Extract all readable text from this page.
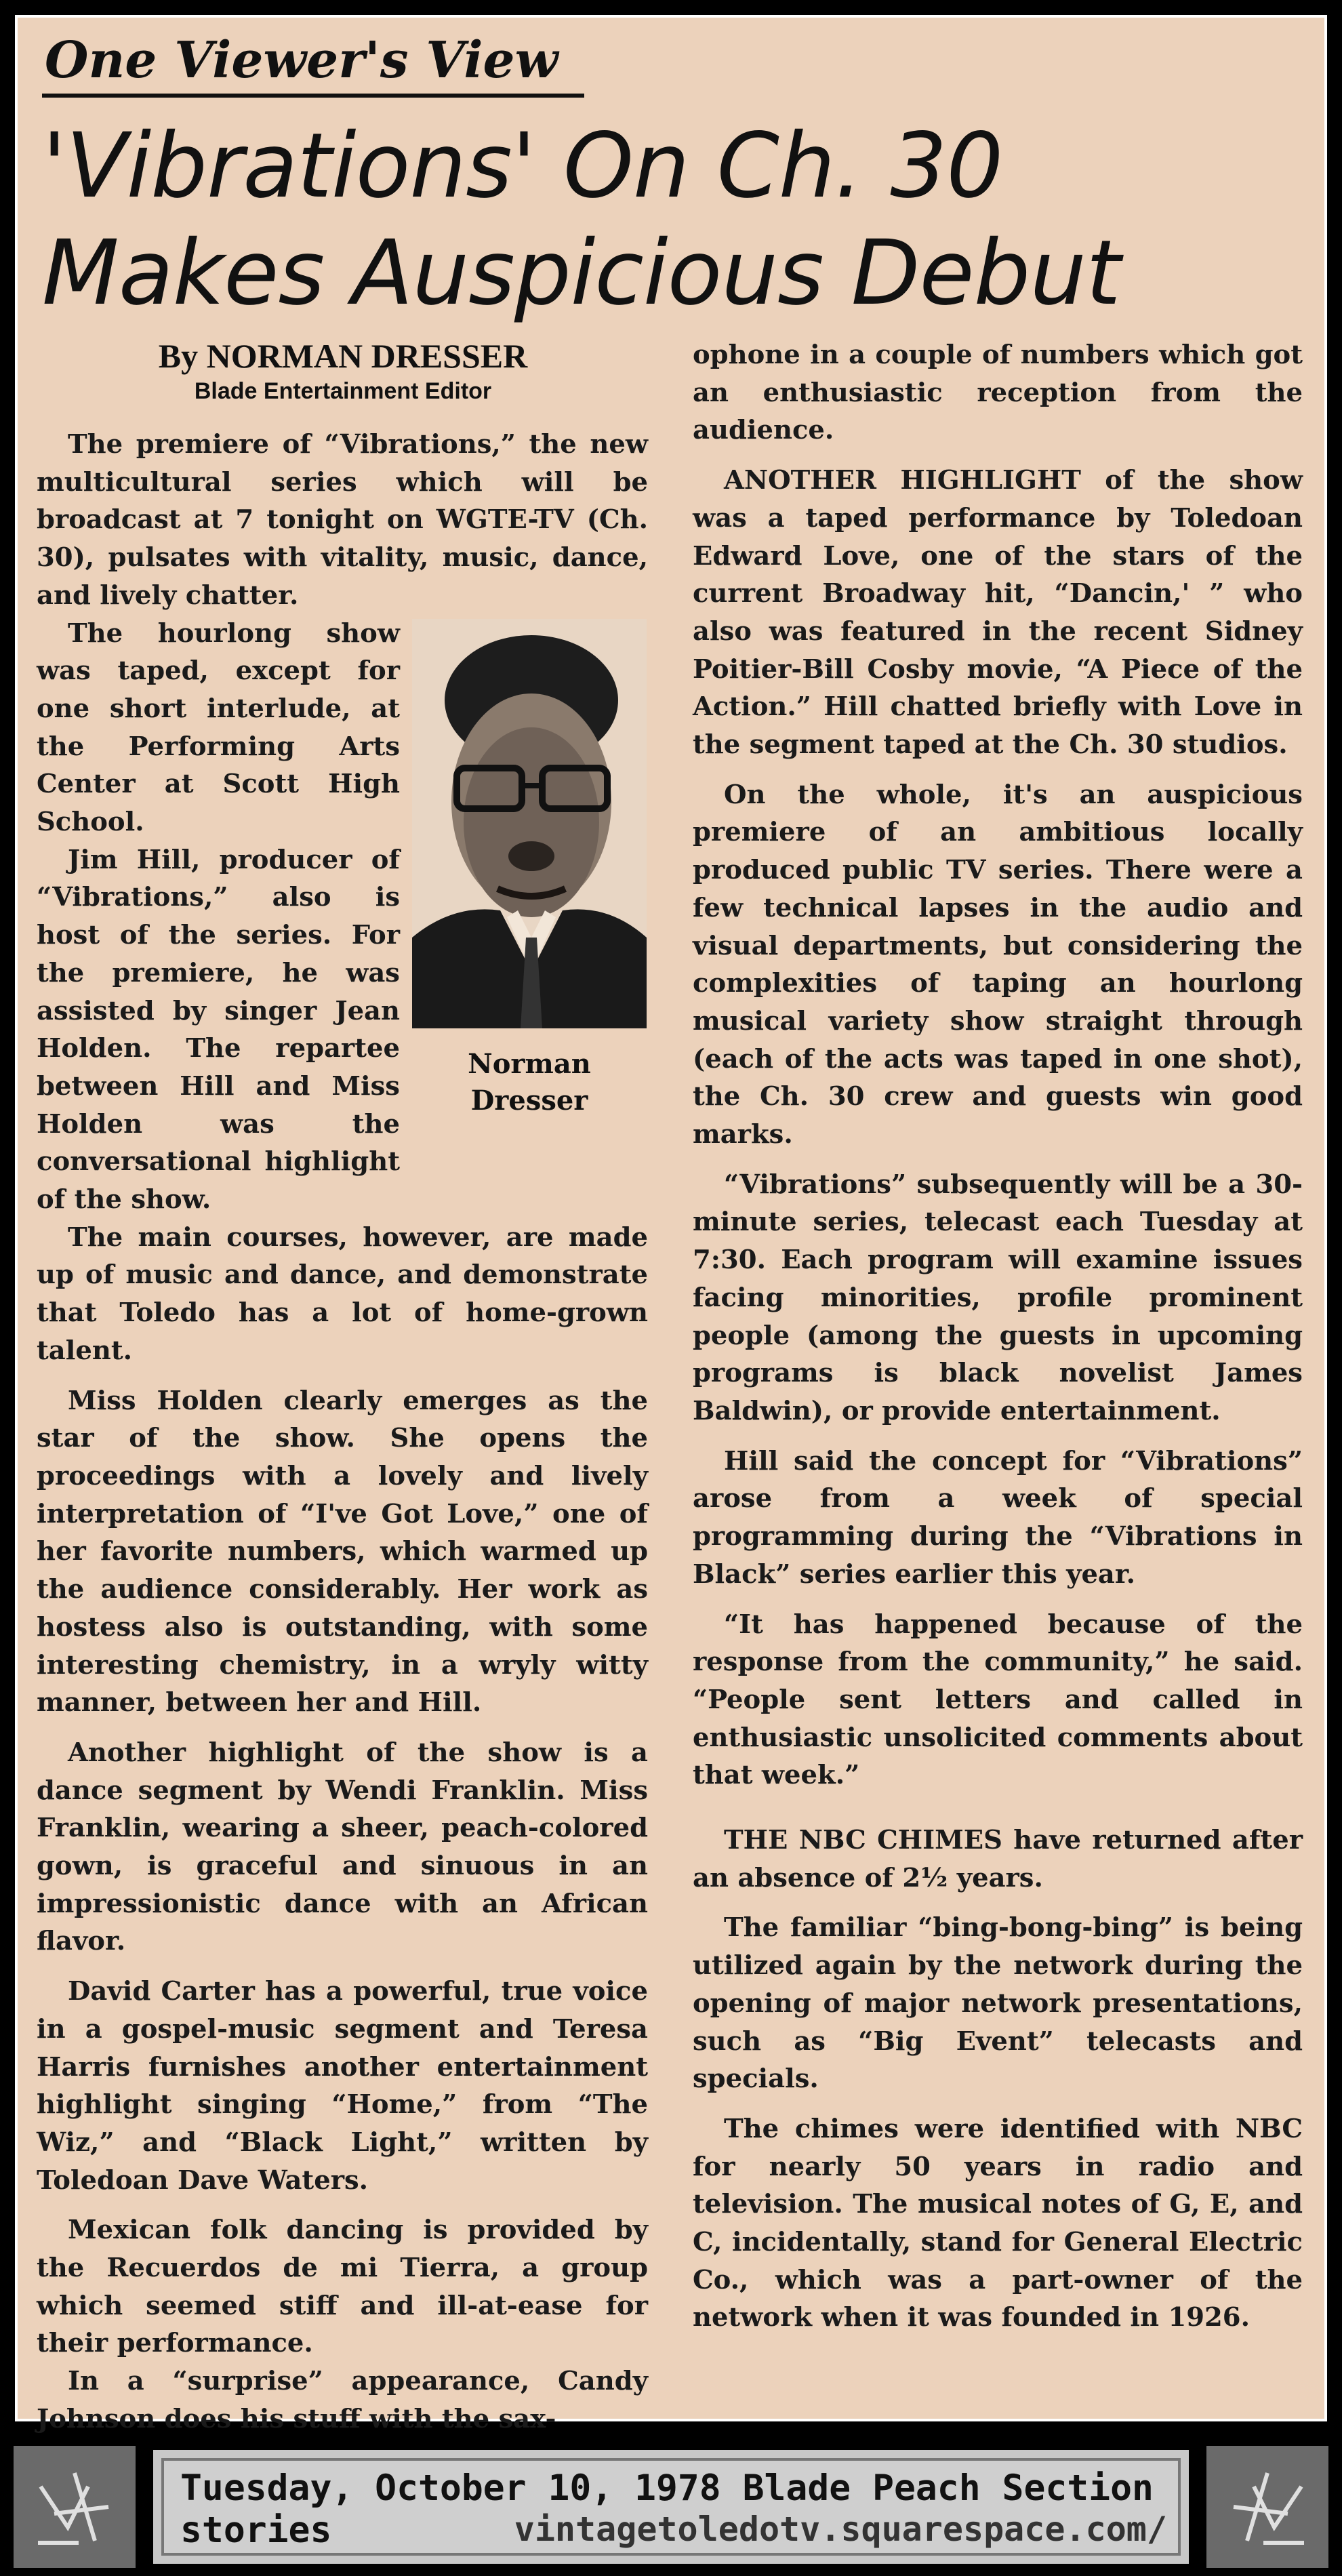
One Viewer's View
'Vibrations' On Ch. 30
Makes Auspicious Debut
By NORMAN DRESSER
Blade Entertainment Editor

The premiere of “Vibrations,” the new multicultural series which will be broadcast at 7 tonight on WGTE-TV (Ch. 30), pulsates with vitality, music, dance, and lively chatter.

Norman
Dresser

The hourlong show was taped, except for one short interlude, at the Performing Arts Center at Scott High School.

Jim Hill, producer of “Vibrations,” also is host of the series. For the premiere, he was assisted by singer Jean Holden. The repartee between Hill and Miss Holden was the conversational highlight of the show.

The main courses, however, are made up of music and dance, and demonstrate that Toledo has a lot of home-grown talent.

Miss Holden clearly emerges as the star of the show. She opens the proceedings with a lovely and lively interpretation of “I've Got Love,” one of her favorite numbers, which warmed up the audience considerably. Her work as hostess also is outstanding, with some interesting chemistry, in a wryly witty manner, between her and Hill.

Another highlight of the show is a dance segment by Wendi Franklin. Miss Franklin, wearing a sheer, peach-colored gown, is graceful and sinuous in an impressionistic dance with an African flavor.

David Carter has a powerful, true voice in a gospel-music segment and Teresa Harris furnishes another entertainment highlight singing “Home,” from “The Wiz,” and “Black Light,” written by Toledoan Dave Waters.

Mexican folk dancing is provided by the Recuerdos de mi Tierra, a group which seemed stiff and ill-at-ease for their performance.

In a “surprise” appearance, Candy Johnson does his stuff with the sax-

ophone in a couple of numbers which got an enthusiastic reception from the audience.

ANOTHER HIGHLIGHT of the show was a taped performance by Toledoan Edward Love, one of the stars of the current Broadway hit, “Dancin,' ” who also was featured in the recent Sidney Poitier-Bill Cosby movie, “A Piece of the Action.” Hill chatted briefly with Love in the segment taped at the Ch. 30 studios.

On the whole, it's an auspicious premiere of an ambitious locally produced public TV series. There were a few technical lapses in the audio and visual departments, but considering the complexities of taping an hourlong musical variety show straight through (each of the acts was taped in one shot), the Ch. 30 crew and guests win good marks.

“Vibrations” subsequently will be a 30-minute series, telecast each Tuesday at 7:30. Each program will examine issues facing minorities, profile prominent people (among the guests in upcoming programs is black novelist James Baldwin), or provide entertainment.

Hill said the concept for “Vibrations” arose from a week of special programming during the “Vibrations in Black” series earlier this year.

“It has happened because of the response from the community,” he said. “People sent letters and called in enthusiastic unsolicited comments about that week.”

THE NBC CHIMES have returned after an absence of 2½ years.

The familiar “bing-bong-bing” is being utilized again by the network during the opening of major network presentations, such as “Big Event” telecasts and specials.

The chimes were identified with NBC for nearly 50 years in radio and television. The musical notes of G, E, and C, incidentally, stand for General Electric Co., which was a part-owner of the network when it was founded in 1926.

Tuesday, October 10, 1978 Blade Peach Section
stories	vintagetoledotv.squarespace.com/
